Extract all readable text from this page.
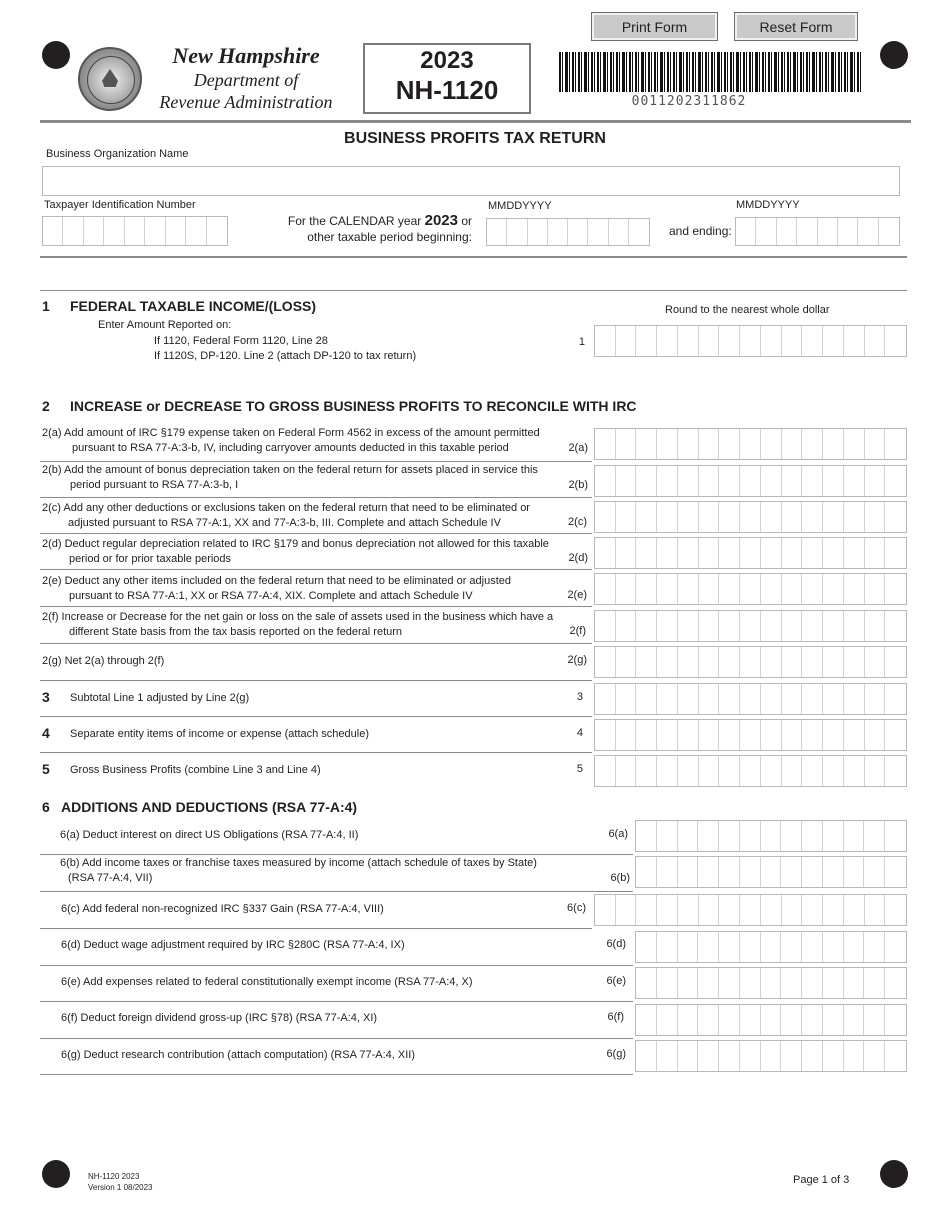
Print Form	Reset Form
New Hampshire
Department of
Revenue Administration
2023
NH-1120	0011202311862
BUSINESS PROFITS TAX RETURN
Business Organization Name
Taxpayer Identification Number
For the CALENDAR year 2023 or
other taxable period beginning:
MMDDYYYY
and ending:
MMDDYYYY
1 FEDERAL TAXABLE INCOME/(LOSS)	Round to the nearest whole dollar
Enter Amount Reported on:
If 1120, Federal Form 1120, Line 28
If 1120S, DP-120. Line 2 (attach DP-120 to tax return)
1
2 INCREASE or DECREASE TO GROSS BUSINESS PROFITS TO RECONCILE WITH IRC
2(a) Add amount of IRC §179 expense taken on Federal Form 4562 in excess of the amount permitted
pursuant to RSA 77-A:3-b, IV, including carryover amounts deducted in this taxable period	2(a)
2(b) Add the amount of bonus depreciation taken on the federal return for assets placed in service this
period pursuant to RSA 77-A:3-b, I	2(b)
2(c) Add any other deductions or exclusions taken on the federal return that need to be eliminated or
adjusted pursuant to RSA 77-A:1, XX and 77-A:3-b, III. Complete and attach Schedule IV	2(c)
2(d) Deduct regular depreciation related to IRC §179 and bonus depreciation not allowed for this taxable
period or for prior taxable periods	2(d)
2(e) Deduct any other items included on the federal return that need to be eliminated or adjusted
pursuant to RSA 77-A:1, XX or RSA 77-A:4, XIX. Complete and attach Schedule IV	2(e)
2(f) Increase or Decrease for the net gain or loss on the sale of assets used in the business which have a
different State basis from the tax basis reported on the federal return	2(f)
2(g) Net 2(a) through 2(f)	2(g)
3 Subtotal Line 1 adjusted by Line 2(g)	3
4 Separate entity items of income or expense (attach schedule)	4
5 Gross Business Profits (combine Line 3 and Line 4)	5
6 ADDITIONS AND DEDUCTIONS (RSA 77-A:4)
6(a) Deduct interest on direct US Obligations (RSA 77-A:4, II)	6(a)
6(b) Add income taxes or franchise taxes measured by income (attach schedule of taxes by State)
(RSA 77-A:4, VII)	6(b)
6(c) Add federal non-recognized IRC §337 Gain (RSA 77-A:4, VIII)	6(c)
6(d) Deduct wage adjustment required by IRC §280C (RSA 77-A:4, IX)	6(d)
6(e) Add expenses related to federal constitutionally exempt income (RSA 77-A:4, X)	6(e)
6(f) Deduct foreign dividend gross-up (IRC §78) (RSA 77-A:4, XI)	6(f)
6(g) Deduct research contribution (attach computation) (RSA 77-A:4, XII)	6(g)
NH-1120 2023
Version 1 08/2023
Page 1 of 3
